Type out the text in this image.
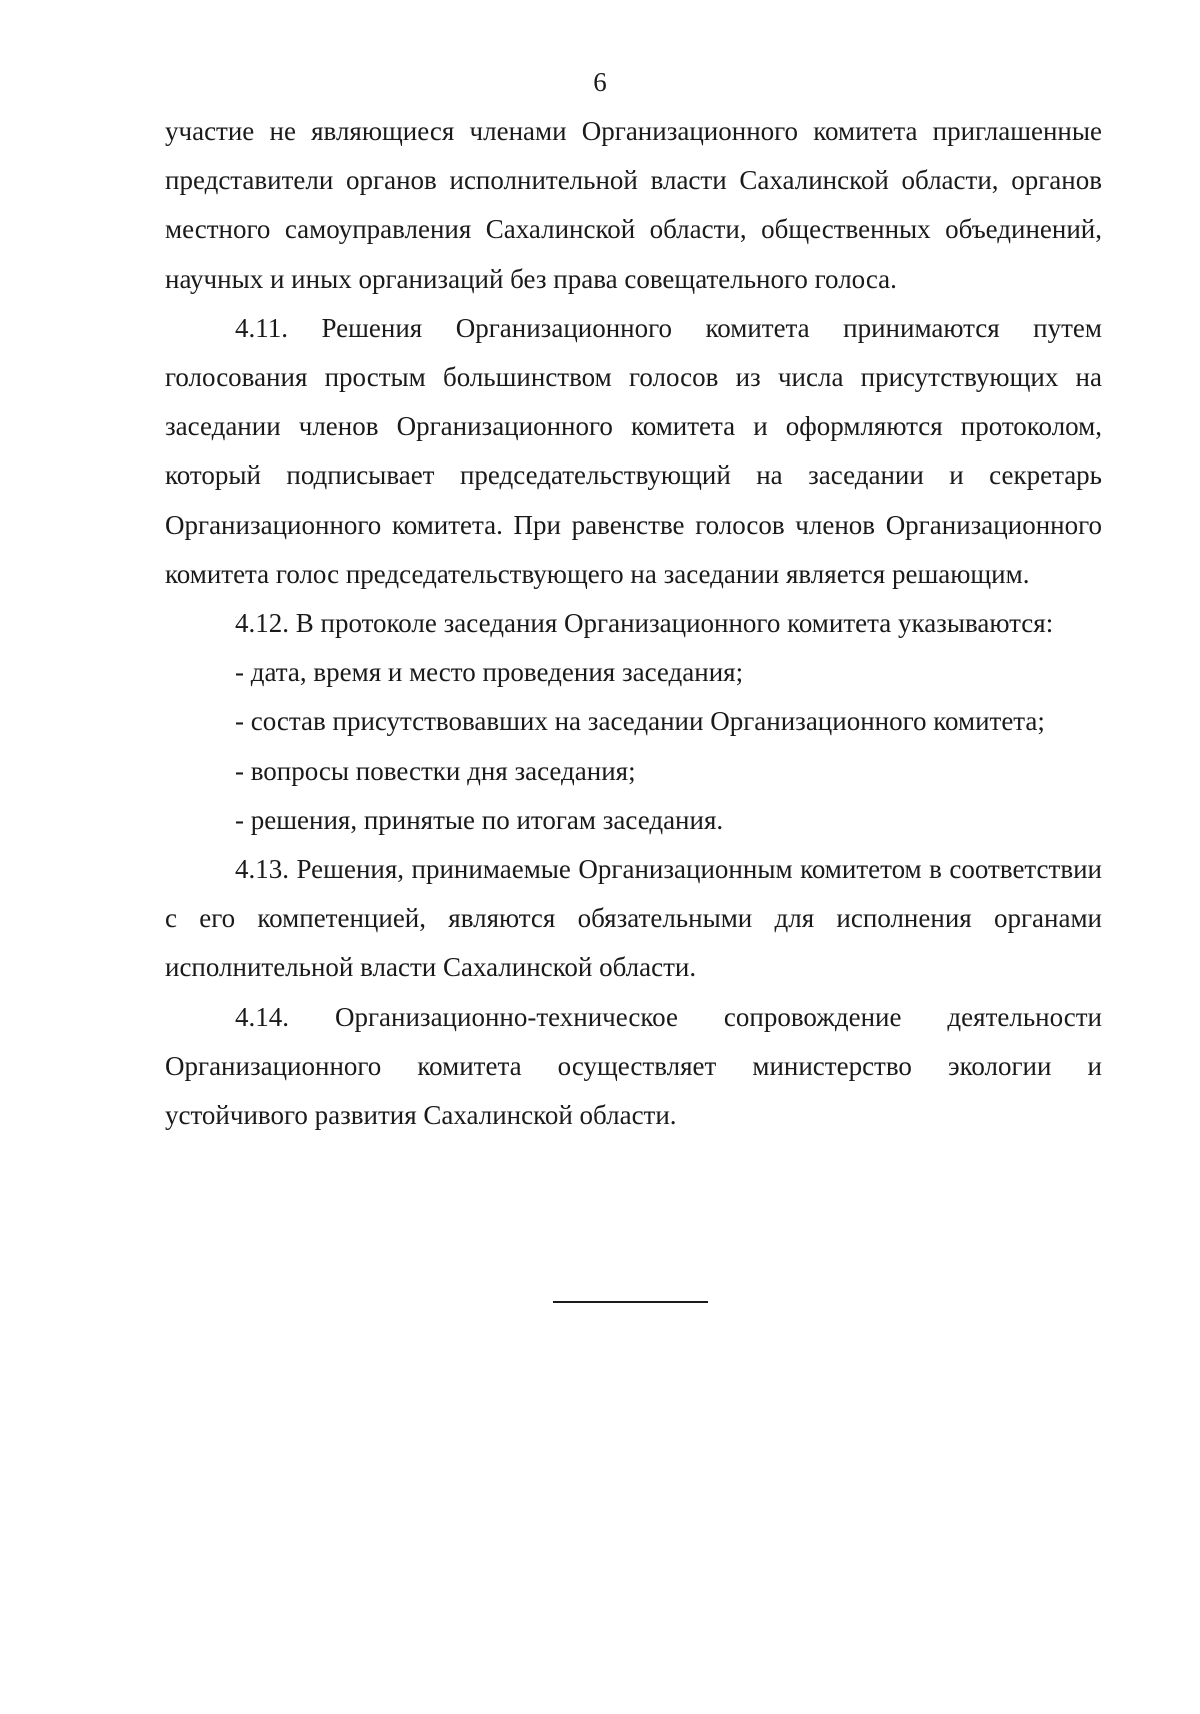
6

участие не являющиеся членами Организационного комитета приглашенные представители органов исполнительной власти Сахалинской области, органов местного самоуправления Сахалинской области, общественных объединений, научных и иных организаций без права совещательного голоса.

4.11. Решения Организационного комитета принимаются путем голосования простым большинством голосов из числа присутствующих на заседании членов Организационного комитета и оформляются протоколом, который подписывает председательствующий на заседании и секретарь Организационного комитета. При равенстве голосов членов Организационного комитета голос председательствующего на заседании является решающим.

4.12. В протоколе заседания Организационного комитета указываются:

- дата, время и место проведения заседания;

- состав присутствовавших на заседании Организационного комитета;

- вопросы повестки дня заседания;

- решения, принятые по итогам заседания.

4.13. Решения, принимаемые Организационным комитетом в соответствии с его компетенцией, являются обязательными для исполнения органами исполнительной власти Сахалинской области.

4.14. Организационно-техническое сопровождение деятельности Организационного комитета осуществляет министерство экологии и устойчивого развития Сахалинской области.
